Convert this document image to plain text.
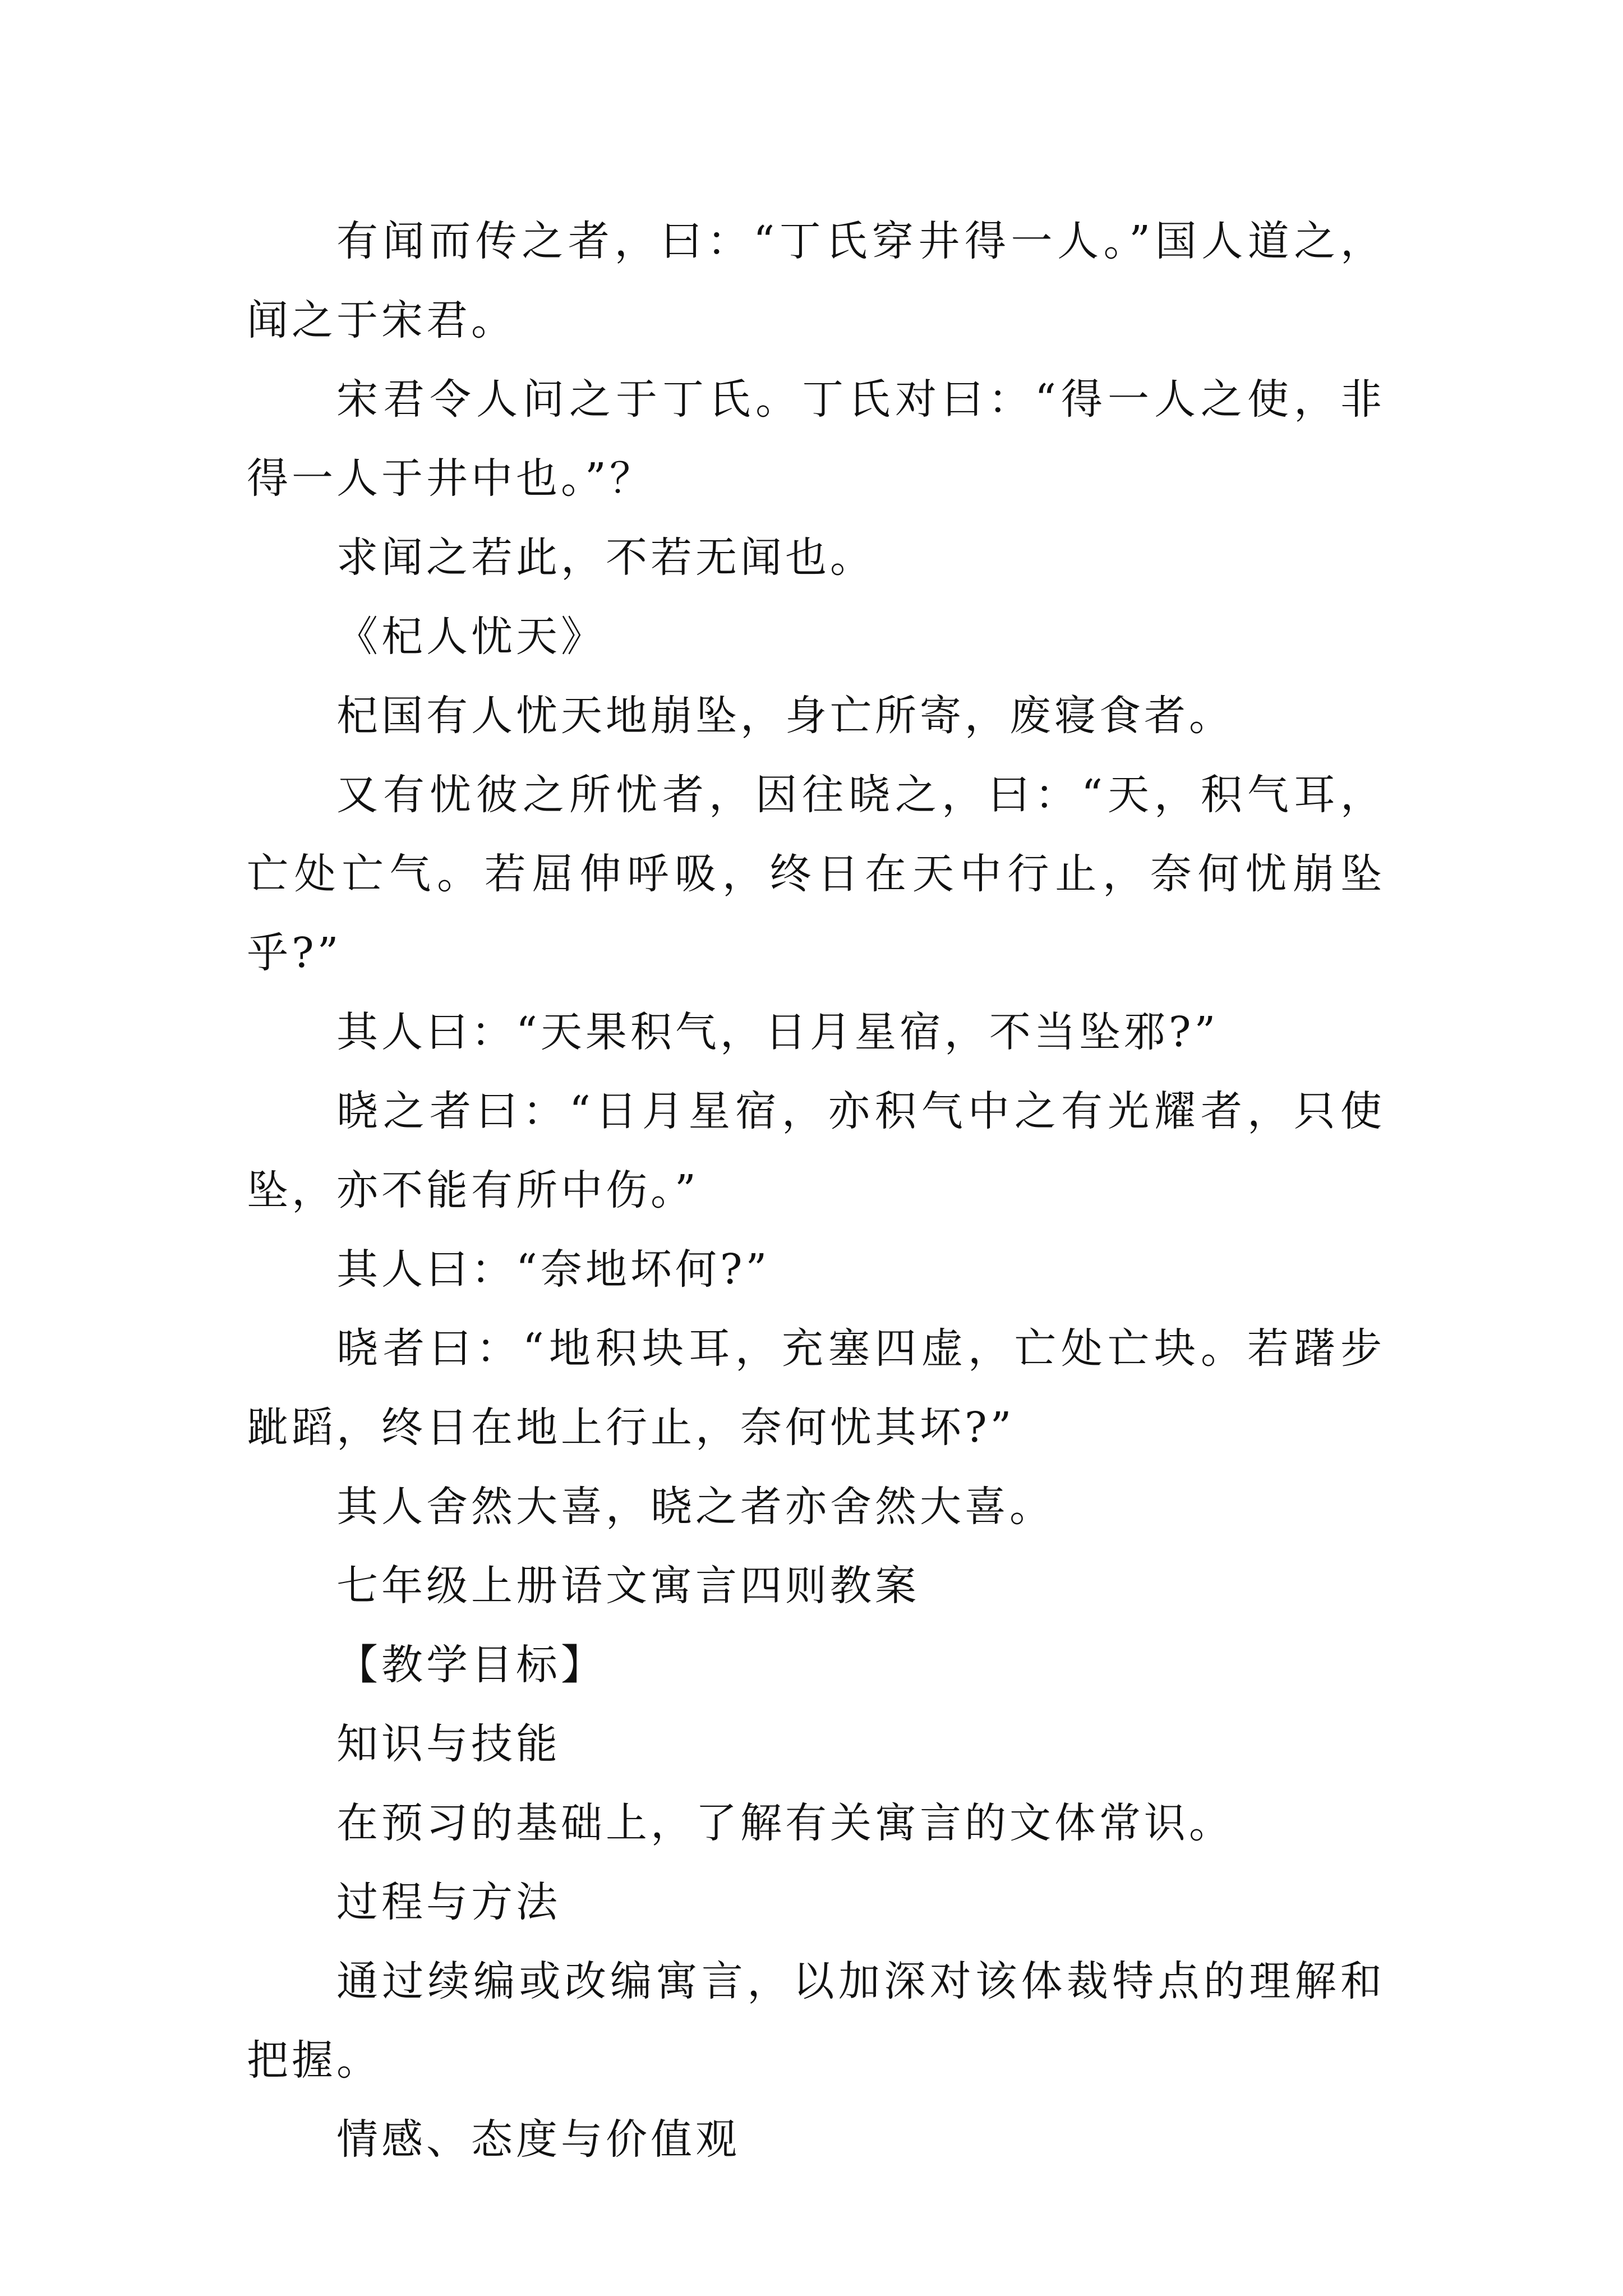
有闻而传之者，曰：“丁氏穿井得一人。”国人道之，闻之于宋君。

宋君令人问之于丁氏。丁氏对曰：“得一人之使，非得一人于井中也。”？

求闻之若此，不若无闻也。

《杞人忧天》

杞国有人忧天地崩坠，身亡所寄，废寝食者。

又有忧彼之所忧者，因往晓之，曰：“天，积气耳，亡处亡气。若屈伸呼吸，终日在天中行止，奈何忧崩坠乎?”

其人曰：“天果积气，日月星宿，不当坠邪?”

晓之者曰：“日月星宿，亦积气中之有光耀者，只使坠，亦不能有所中伤。”

其人曰：“奈地坏何?”

晓者曰：“地积块耳，充塞四虚，亡处亡块。若躇步跐蹈，终日在地上行止，奈何忧其坏?”

其人舍然大喜，晓之者亦舍然大喜。

七年级上册语文寓言四则教案

【教学目标】

知识与技能

在预习的基础上，了解有关寓言的文体常识。

过程与方法

通过续编或改编寓言，以加深对该体裁特点的理解和把握。

情感、态度与价值观
